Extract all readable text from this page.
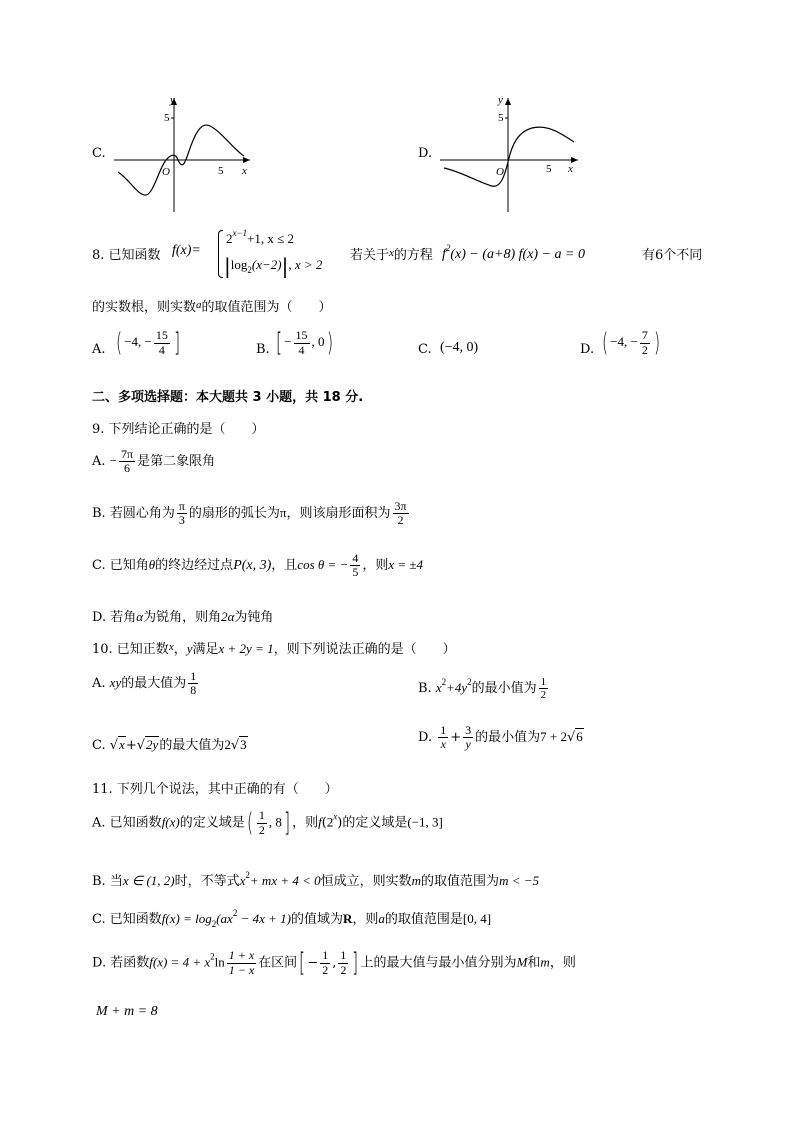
C.
y
5
O	5 x
D.
y
5
O	5 x
8. 已知函数 f(x)=
$2^{x-1}+1$, x ≤ 2
$|\log_2(x-2)|$, x > 2
若关于$^x$的方程 $f^2(x) - (a+8) f(x) - a = 0$	有6个不同
的实数根，则实数$^a$的取值范围为（　　）
A. ( −4, − $\frac{15}{4}$ ]	B. [ − $\frac{15}{4}$ , 0)	C. (−4, 0)	D. ( −4, − $\frac{7}{2}$ )
二、多项选择题：本大题共 3 小题，共 18 分.
9. 下列结论正确的是（　　）
A. − $\frac{7\pi}{6}$ 是第二象限角
B. 若圆心角为 $\frac{\pi}{3}$ 的扇形的弧长为π，则该扇形面积为 $\frac{3\pi}{2}$
C. 已知角θ的终边经过点P(x, 3)，且cos θ = − $\frac{4}{5}$ ，则x = ±4
D. 若角α为锐角，则角2α为钝角
10. 已知正数$^x$，y满足x + 2y = 1，则下列说法正确的是（　　）
A. xy的最大值为 $\frac{1}{8}$	B. $x^2+4y^2$的最小值为 $\frac{1}{2}$
C. √x+√2y的最大值为2√3	D. $\frac{1}{x} + \frac{3}{y}$ 的最小值为7 + 2√6
11. 下列几个说法，其中正确的有（　　）
A. 已知函数f(x)的定义域是( $\frac{1}{2}$ , 8] ，则f(2$^x$)的定义域是(−1, 3]
B. 当x ∈ (1, 2)时，不等式$x^2+$ mx + 4 < 0恒成立，则实数m的取值范围为m < −5
C. 已知函数$f(x) = \log_2(ax^2 - 4x + 1)$的值域为R，则a的取值范围是[0, 4]
D. 若函数$f(x) = 4 + x^2\ln \frac{1 + x}{1 - x}$ 在区间[ − $\frac{1}{2}$ , $\frac{1}{2}$ ] 上的最大值与最小值分别为M和m，则
M + m = 8
